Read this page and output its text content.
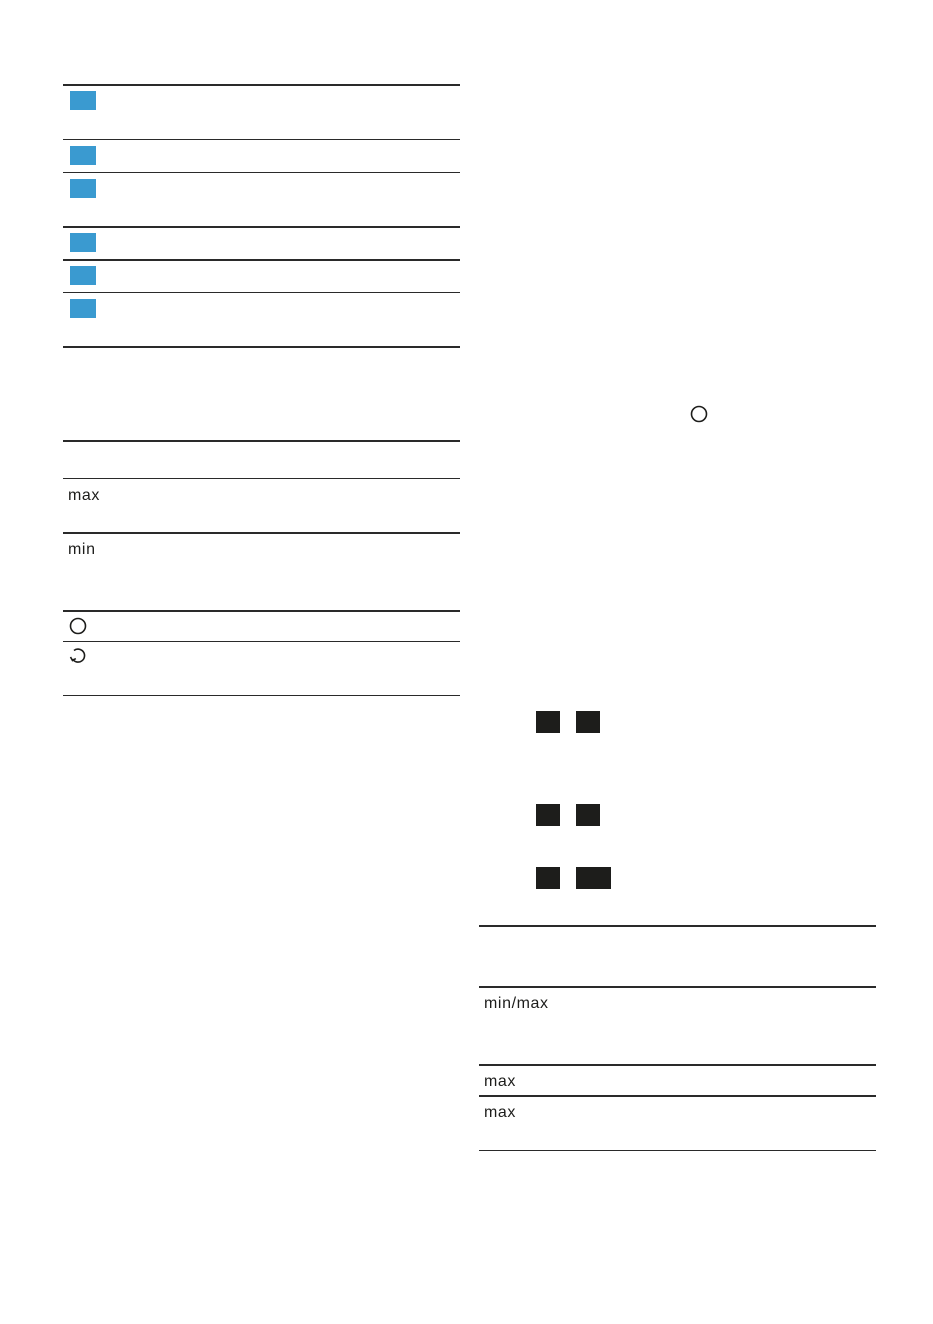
max
min
min/max
max
max
